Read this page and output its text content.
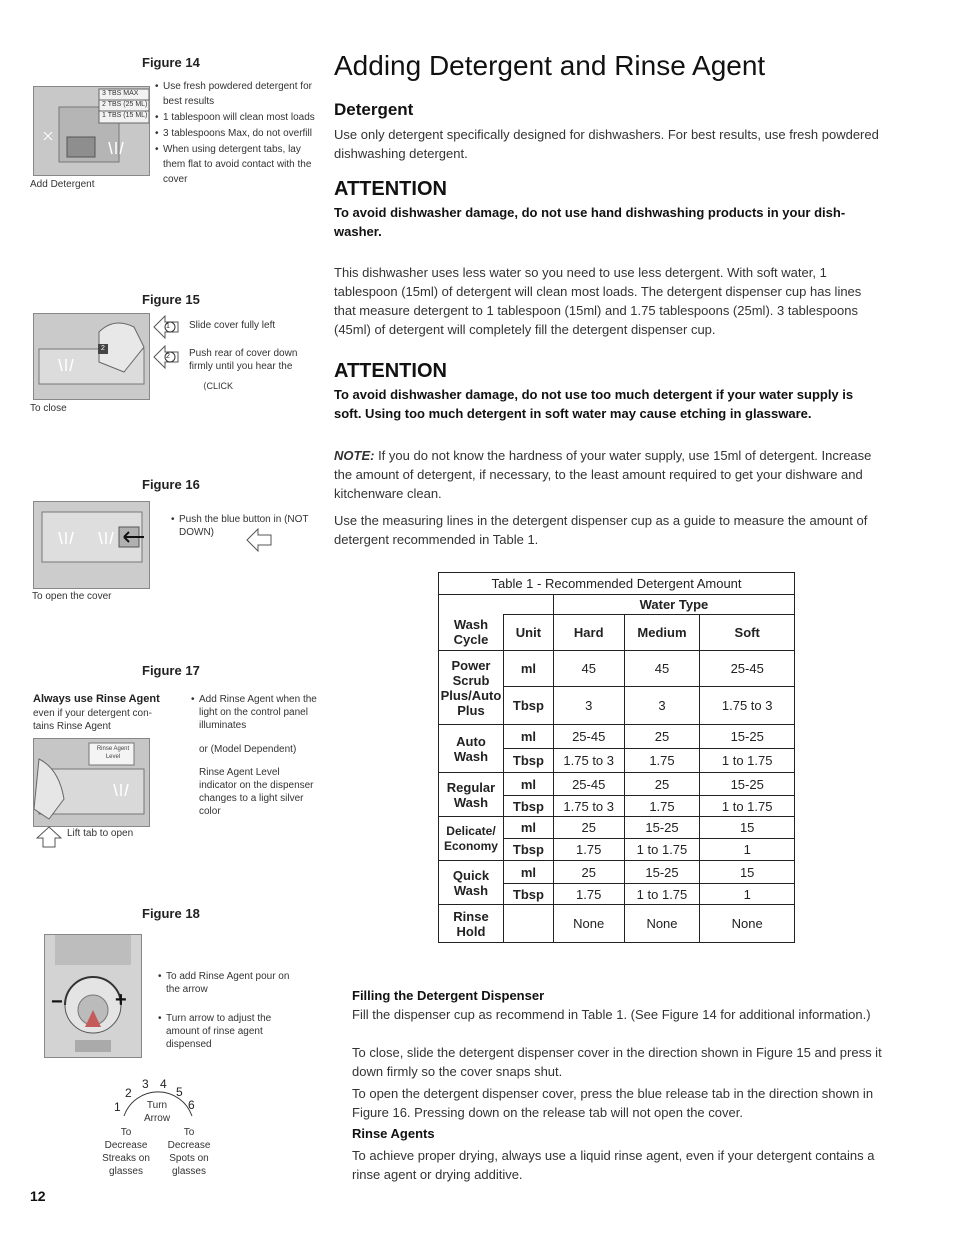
Figure 14
3 TBS MAX
2 TBS (25 ML)
1 TBS (15 ML)
Add Detergent
• Use fresh powdered detergent for best results
• 1 tablespoon will clean most loads
• 3 tablespoons Max, do not overfill
• When using detergent tabs, lay them flat to avoid contact with the cover
Figure 15
2
To close
1 Slide cover fully left
2 Push rear of cover down firmly until you hear the
⟨CLICK
Figure 16
To open the cover
• Push the blue button in (NOT DOWN)
Figure 17
Always use Rinse Agent
even if your detergent con-tains Rinse Agent
Rinse Agent Level
Lift tab to open
• Add Rinse Agent when the light on the control panel illuminates
or (Model Dependent)
Rinse Agent Level indicator on the dispenser changes to a light silver color
Figure 18
−	+
• To add Rinse Agent pour on the arrow
• Turn arrow to adjust the amount of rinse agent dispensed
1
2
3 4
5
6
Turn Arrow
To Decrease Streaks on glasses
To Decrease Spots on glasses
12
Adding Detergent and Rinse Agent
Detergent

Use only detergent specifically designed for dishwashers. For best results, use fresh powdered dishwashing detergent.

ATTENTION

To avoid dishwasher damage, do not use hand dishwashing products in your dish-washer.

This dishwasher uses less water so you need to use less detergent. With soft water, 1 tablespoon (15ml) of detergent will clean most loads. The detergent dispenser cup has lines that measure detergent to 1 tablespoon (15ml) and 1.75 tablespoons (25ml). 3 tablespoons (45ml) of detergent will completely fill the detergent dispenser cup.

ATTENTION

To avoid dishwasher damage, do not use too much detergent if your water supply is soft. Using too much detergent in soft water may cause etching in glassware.

NOTE: If you do not know the hardness of your water supply, use 15ml of detergent. Increase the amount of detergent, if necessary, to the least amount required to get your dishware and kitchenware clean.

Use the measuring lines in the detergent dispenser cup as a guide to measure the amount of detergent recommended in Table 1.

Table 1 - Recommended Detergent Amount				
		Water Type		
Wash Cycle	Unit	Hard	Medium	Soft
Power Scrub Plus/Auto Plus	ml	45	45	25-45
	Tbsp	3	3	1.75 to 3
Auto Wash	ml	25-45	25	15-25
	Tbsp	1.75 to 3	1.75	1 to 1.75
Regular Wash	ml	25-45	25	15-25
	Tbsp	1.75 to 3	1.75	1 to 1.75
Delicate/ Economy	ml	25	15-25	15
	Tbsp	1.75	1 to 1.75	1
Quick Wash	ml	25	15-25	15
	Tbsp	1.75	1 to 1.75	1
Rinse Hold		None	None	None
Filling the Detergent Dispenser

Fill the dispenser cup as recommend in Table 1. (See Figure 14 for additional information.)

To close, slide the detergent dispenser cover in the direction shown in Figure 15 and press it down firmly so the cover snaps shut.

To open the detergent dispenser cover, press the blue release tab in the direction shown in Figure 16. Pressing down on the release tab will not open the cover.

Rinse Agents

To achieve proper drying, always use a liquid rinse agent, even if your detergent contains a rinse agent or drying additive.
